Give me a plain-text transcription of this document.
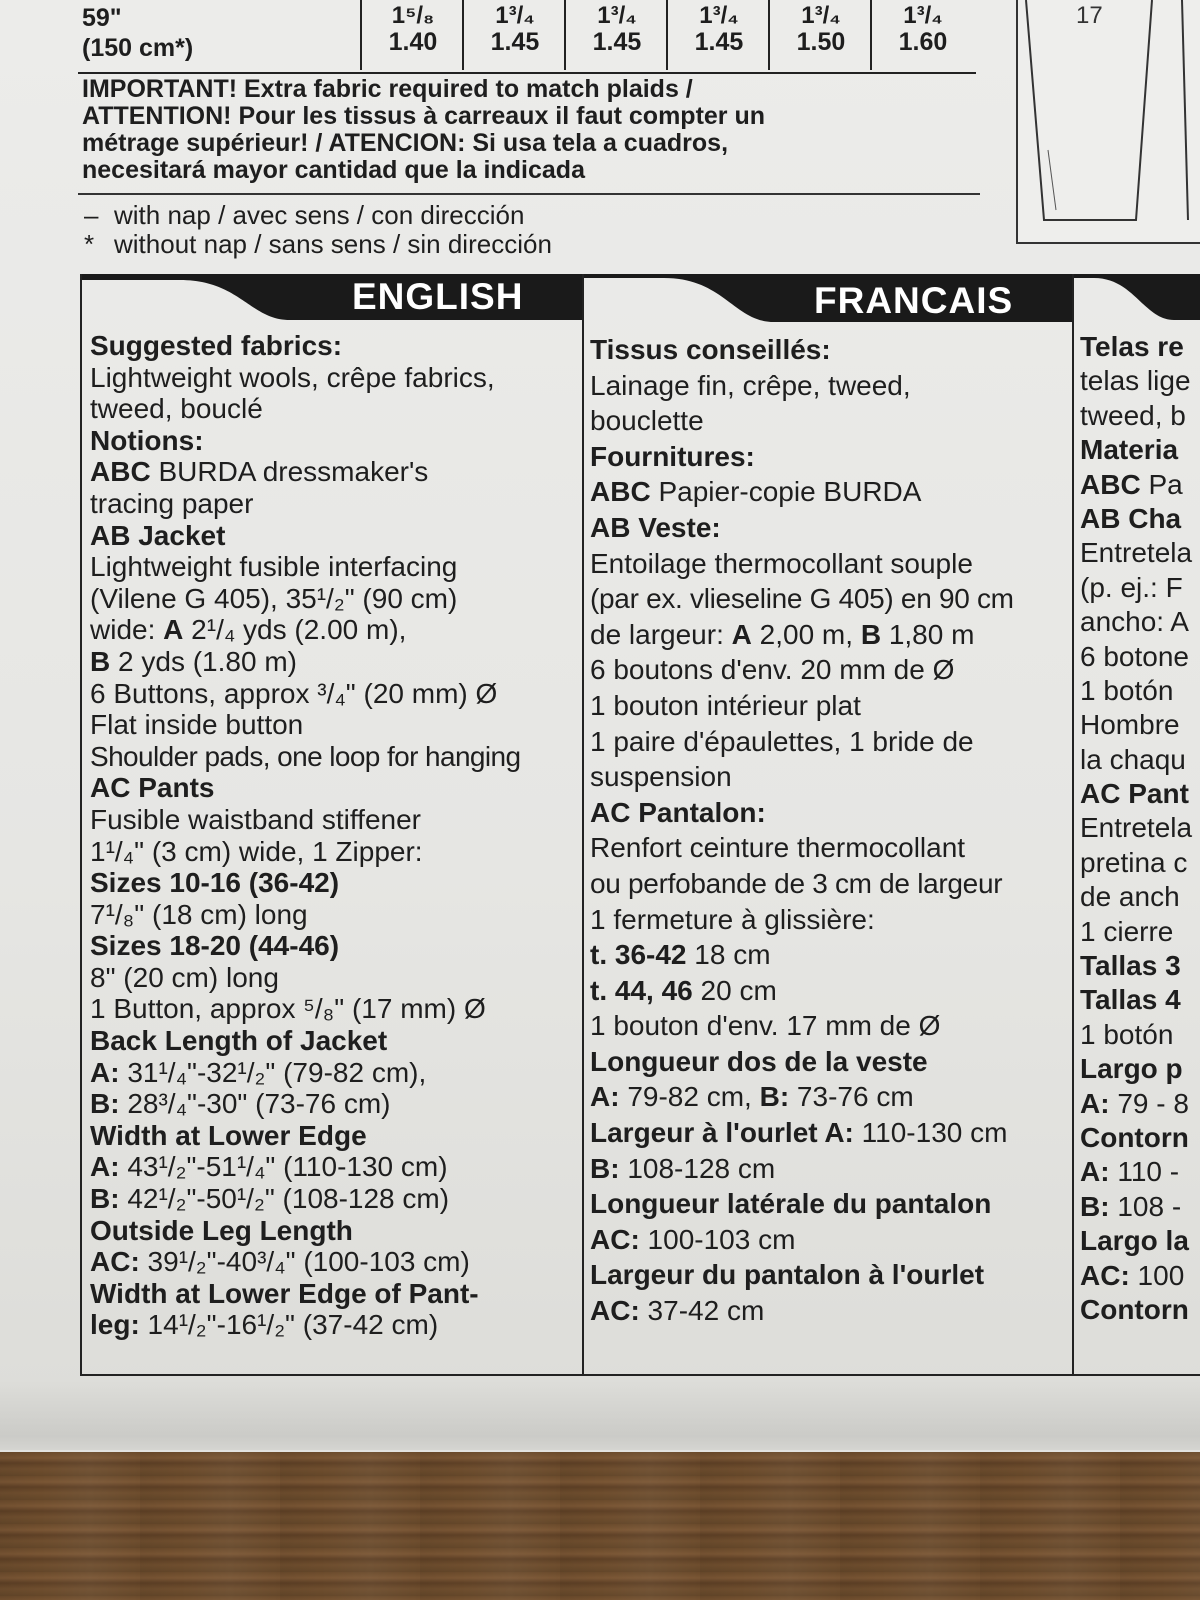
59"
(150 cm*)
1⁵/₈
1.40
1³/₄
1.45
1³/₄
1.45
1³/₄
1.45
1³/₄
1.50
1³/₄
1.60
IMPORTANT! Extra fabric required to match plaids /
ATTENTION! Pour les tissus à carreaux il faut compter un
métrage supérieur! / ATENCION: Si usa tela a cuadros,
necesitará mayor cantidad que la indicada
– with nap / avec sens / con dirección
* without nap / sans sens / sin dirección
17
ENGLISH
Suggested fabrics:
Lightweight wools, crêpe fabrics,
tweed, bouclé
Notions:
ABC BURDA dressmaker's
tracing paper
AB Jacket
Lightweight fusible interfacing
(Vilene G 405), 35¹/₂" (90 cm)
wide: A 2¹/₄ yds (2.00 m),
B 2 yds (1.80 m)
6 Buttons, approx ³/₄" (20 mm) Ø
Flat inside button
Shoulder pads, one loop for hanging
AC Pants
Fusible waistband stiffener
1¹/₄" (3 cm) wide, 1 Zipper:
Sizes 10-16 (36-42)
7¹/₈" (18 cm) long
Sizes 18-20 (44-46)
8" (20 cm) long
1 Button, approx ⁵/₈" (17 mm) Ø
Back Length of Jacket
A: 31¹/₄"-32¹/₂" (79-82 cm),
B: 28³/₄"-30" (73-76 cm)
Width at Lower Edge
A: 43¹/₂"-51¹/₄" (110-130 cm)
B: 42¹/₂"-50¹/₂" (108-128 cm)
Outside Leg Length
AC: 39¹/₂"-40³/₄" (100-103 cm)
Width at Lower Edge of Pant-
leg: 14¹/₂"-16¹/₂" (37-42 cm)
FRANCAIS
Tissus conseillés:
Lainage fin, crêpe, tweed,
bouclette
Fournitures:
ABC Papier-copie BURDA
AB Veste:
Entoilage thermocollant souple
(par ex. vlieseline G 405) en 90 cm
de largeur: A 2,00 m, B 1,80 m
6 boutons d'env. 20 mm de Ø
1 bouton intérieur plat
1 paire d'épaulettes, 1 bride de
suspension
AC Pantalon:
Renfort ceinture thermocollant
ou perfobande de 3 cm de largeur
1 fermeture à glissière:
t. 36-42 18 cm
t. 44, 46 20 cm
1 bouton d'env. 17 mm de Ø
Longueur dos de la veste
A: 79-82 cm, B: 73-76 cm
Largeur à l'ourlet A: 110-130 cm
B: 108-128 cm
Longueur latérale du pantalon
AC: 100-103 cm
Largeur du pantalon à l'ourlet
AC: 37-42 cm
Telas re
telas lige
tweed, b
Materia
ABC Pa
AB Cha
Entretela
(p. ej.: F
ancho: A
6 botone
1 botón
Hombre
la chaqu
AC Pant
Entretela
pretina c
de anch
1 cierre
Tallas 3
Tallas 4
1 botón
Largo p
A: 79 - 8
Contorn
A: 110 -
B: 108 -
Largo la
AC: 100
Contorn
